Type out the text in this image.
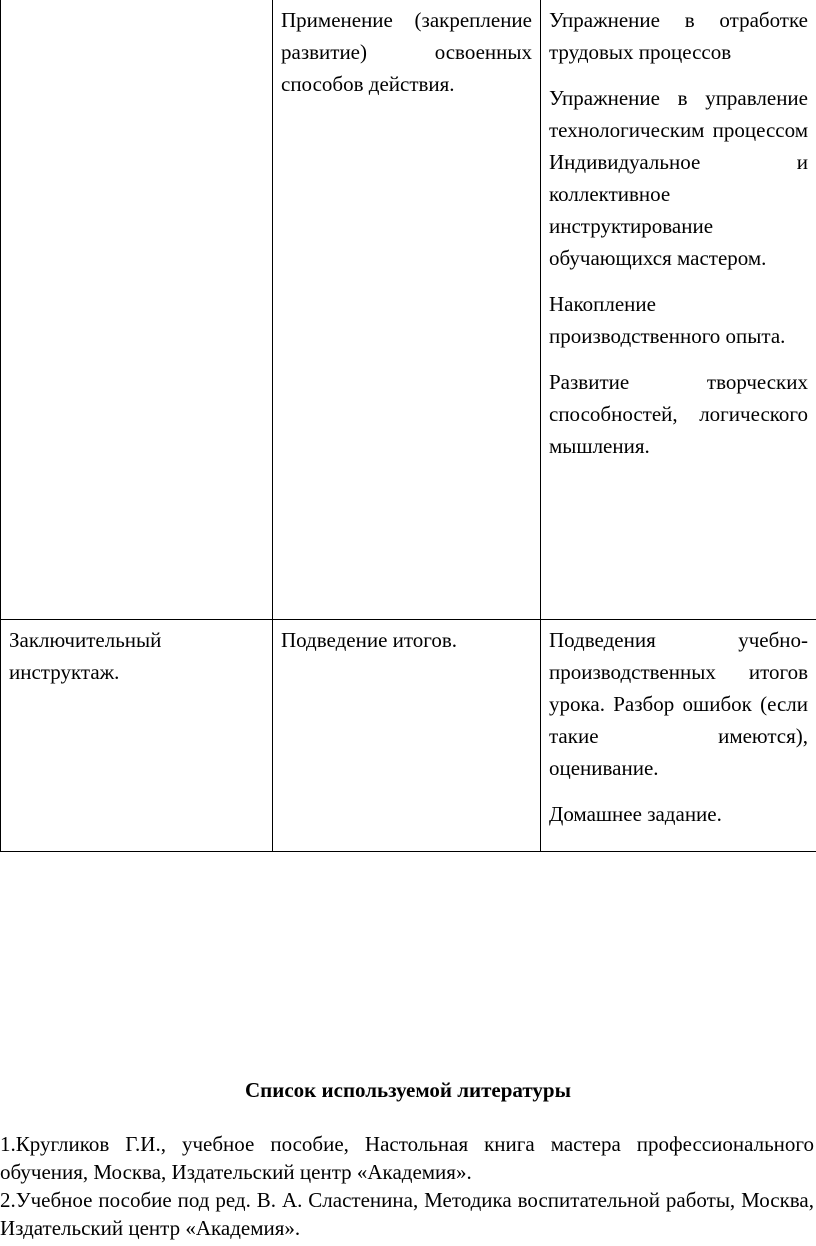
	Применение (закрепление развитие) освоенных способов действия.	Упражнение в отработке трудовых процессов

Упражнение в управление технологическим процессом Индивидуальное и коллективное инструктирование обучающихся мастером.

Накопление производственного опыта.

Развитие творческих способностей, логического мышления.

Заключительный инструктаж.	Подведение итогов.	Подведения учебно-производственных итогов урока. Разбор ошибок (если такие имеются), оценивание.

Домашнее задание.

Список используемой литературы
1.Кругликов Г.И., учебное пособие, Настольная книга мастера профессионального обучения, Москва, Издательский центр «Академия».
2.Учебное пособие под ред. В. А. Сластенина, Методика воспитательной работы, Москва, Издательский центр «Академия».
